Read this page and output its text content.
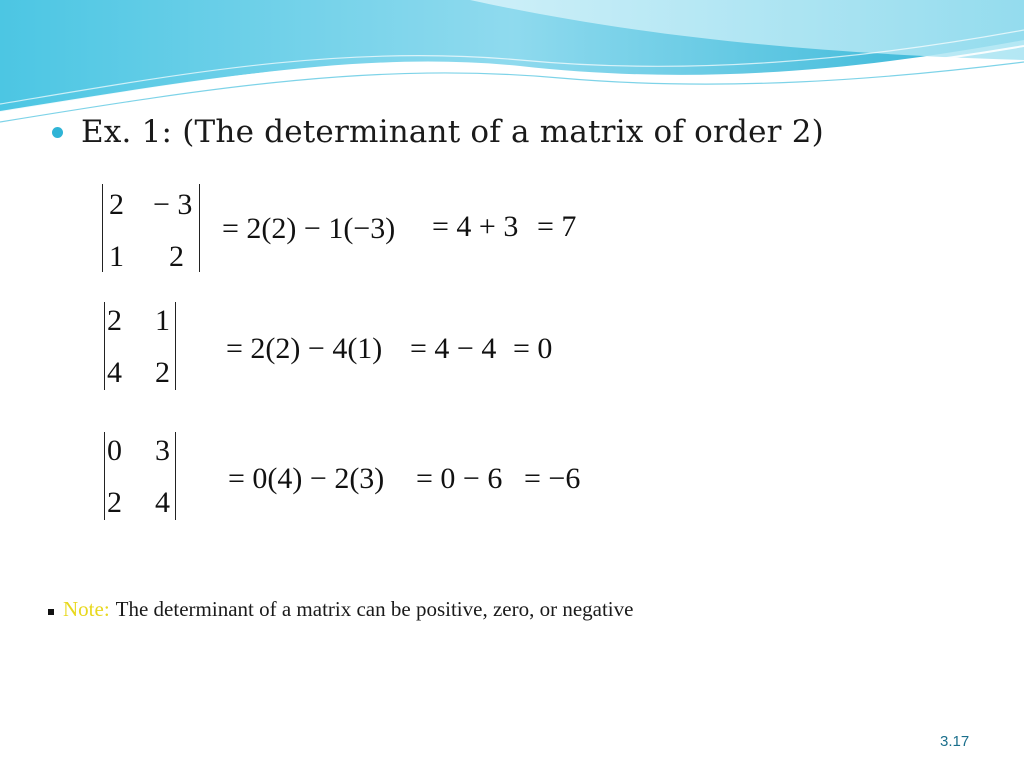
Ex. 1: (The determinant of a matrix of order 2)
2 − 3
1 2
= 2(2) − 1(−3) = 4 + 3 = 7
2 1
4 2
= 2(2) − 4(1) = 4 − 4 = 0
0 3
2 4
= 0(4) − 2(3) = 0 − 6 = −6
Note: The determinant of a matrix can be positive, zero, or negative
3.17
